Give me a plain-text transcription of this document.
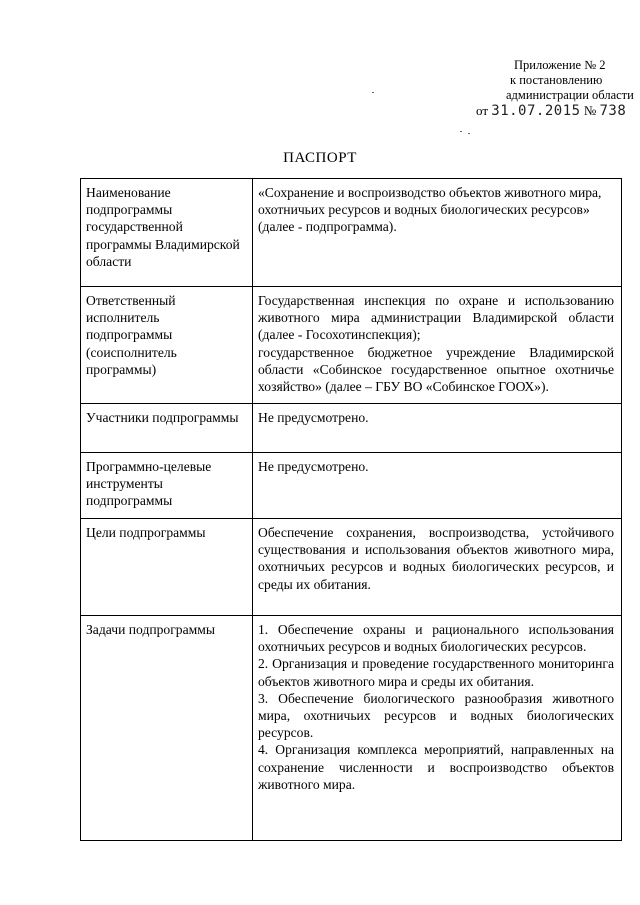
Приложение № 2
к постановлению
администрации области
от 31.07.2015 № 738
ПАСПОРТ
Наименование подпрограммы государственной программы Владимирской области	«Сохранение и воспроизводство объектов животного мира, охотничьих ресурсов и водных биологических ресурсов» (далее - подпрограмма).

Ответственный исполнитель подпрограммы (соисполнитель программы)	Государственная инспекция по охране и использованию животного мира администрации Владимирской области (далее - Госохотинспекция);
государственное бюджетное учреждение Владимирской области «Собинское государственное опытное охотничье хозяйство» (далее – ГБУ ВО «Собинское ГООХ»).

Участники подпрограммы	Не предусмотрено.

Программно-целевые инструменты подпрограммы	Не предусмотрено.

Цели подпрограммы	Обеспечение сохранения, воспроизводства, устойчивого существования и использования объектов животного мира, охотничьих ресурсов и водных биологических ресурсов, и среды их обитания.

Задачи подпрограммы	1. Обеспечение охраны и рационального использования охотничьих ресурсов и водных биологических ресурсов.
2. Организация и проведение государственного мониторинга объектов животного мира и среды их обитания.
3. Обеспечение биологического разнообразия животного мира, охотничьих ресурсов и водных биологических ресурсов.
4. Организация комплекса мероприятий, направленных на сохранение численности и воспроизводство объектов животного мира.
